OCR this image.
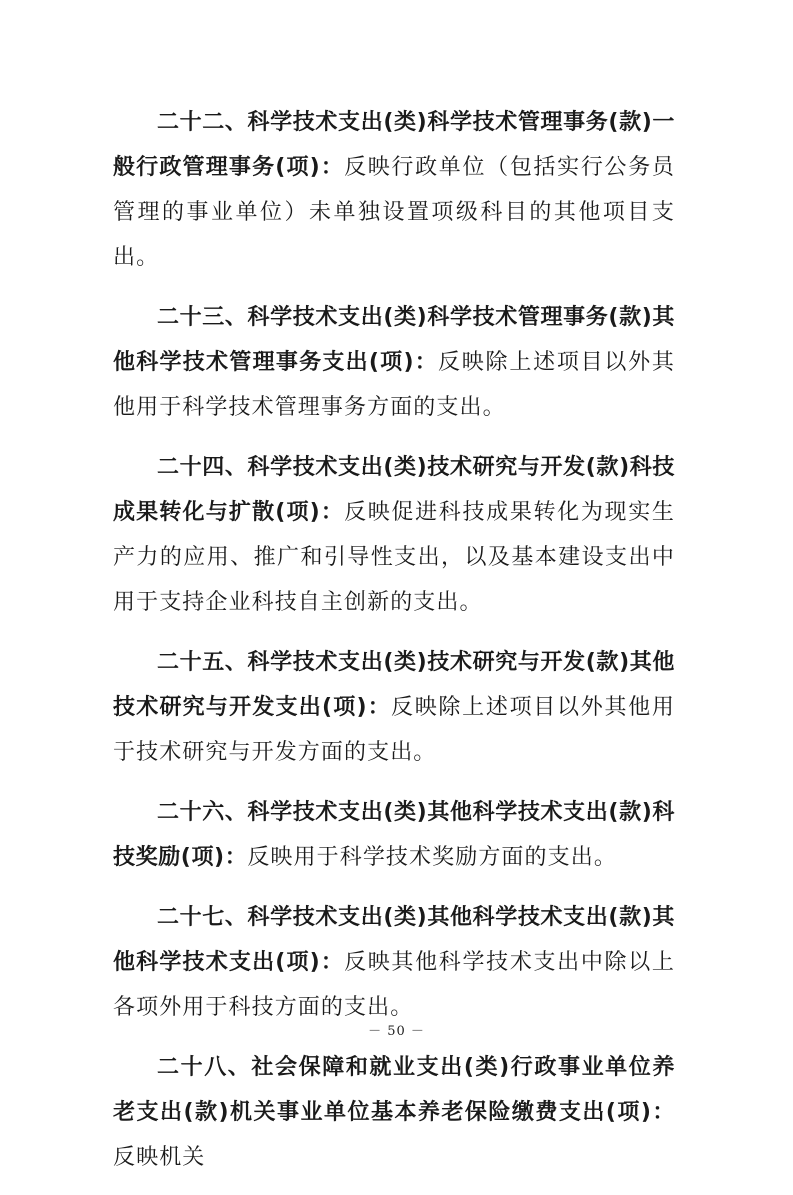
二十二、科学技术支出(类)科学技术管理事务(款)一般行政管理事务(项)：反映行政单位（包括实行公务员管理的事业单位）未单独设置项级科目的其他项目支出。

二十三、科学技术支出(类)科学技术管理事务(款)其他科学技术管理事务支出(项)：反映除上述项目以外其他用于科学技术管理事务方面的支出。

二十四、科学技术支出(类)技术研究与开发(款)科技成果转化与扩散(项)：反映促进科技成果转化为现实生产力的应用、推广和引导性支出，以及基本建设支出中用于支持企业科技自主创新的支出。

二十五、科学技术支出(类)技术研究与开发(款)其他技术研究与开发支出(项)：反映除上述项目以外其他用于技术研究与开发方面的支出。

二十六、科学技术支出(类)其他科学技术支出(款)科技奖励(项)：反映用于科学技术奖励方面的支出。

二十七、科学技术支出(类)其他科学技术支出(款)其他科学技术支出(项)：反映其他科学技术支出中除以上各项外用于科技方面的支出。

二十八、社会保障和就业支出(类)行政事业单位养老支出(款)机关事业单位基本养老保险缴费支出(项)：反映机关

－ 50 －
